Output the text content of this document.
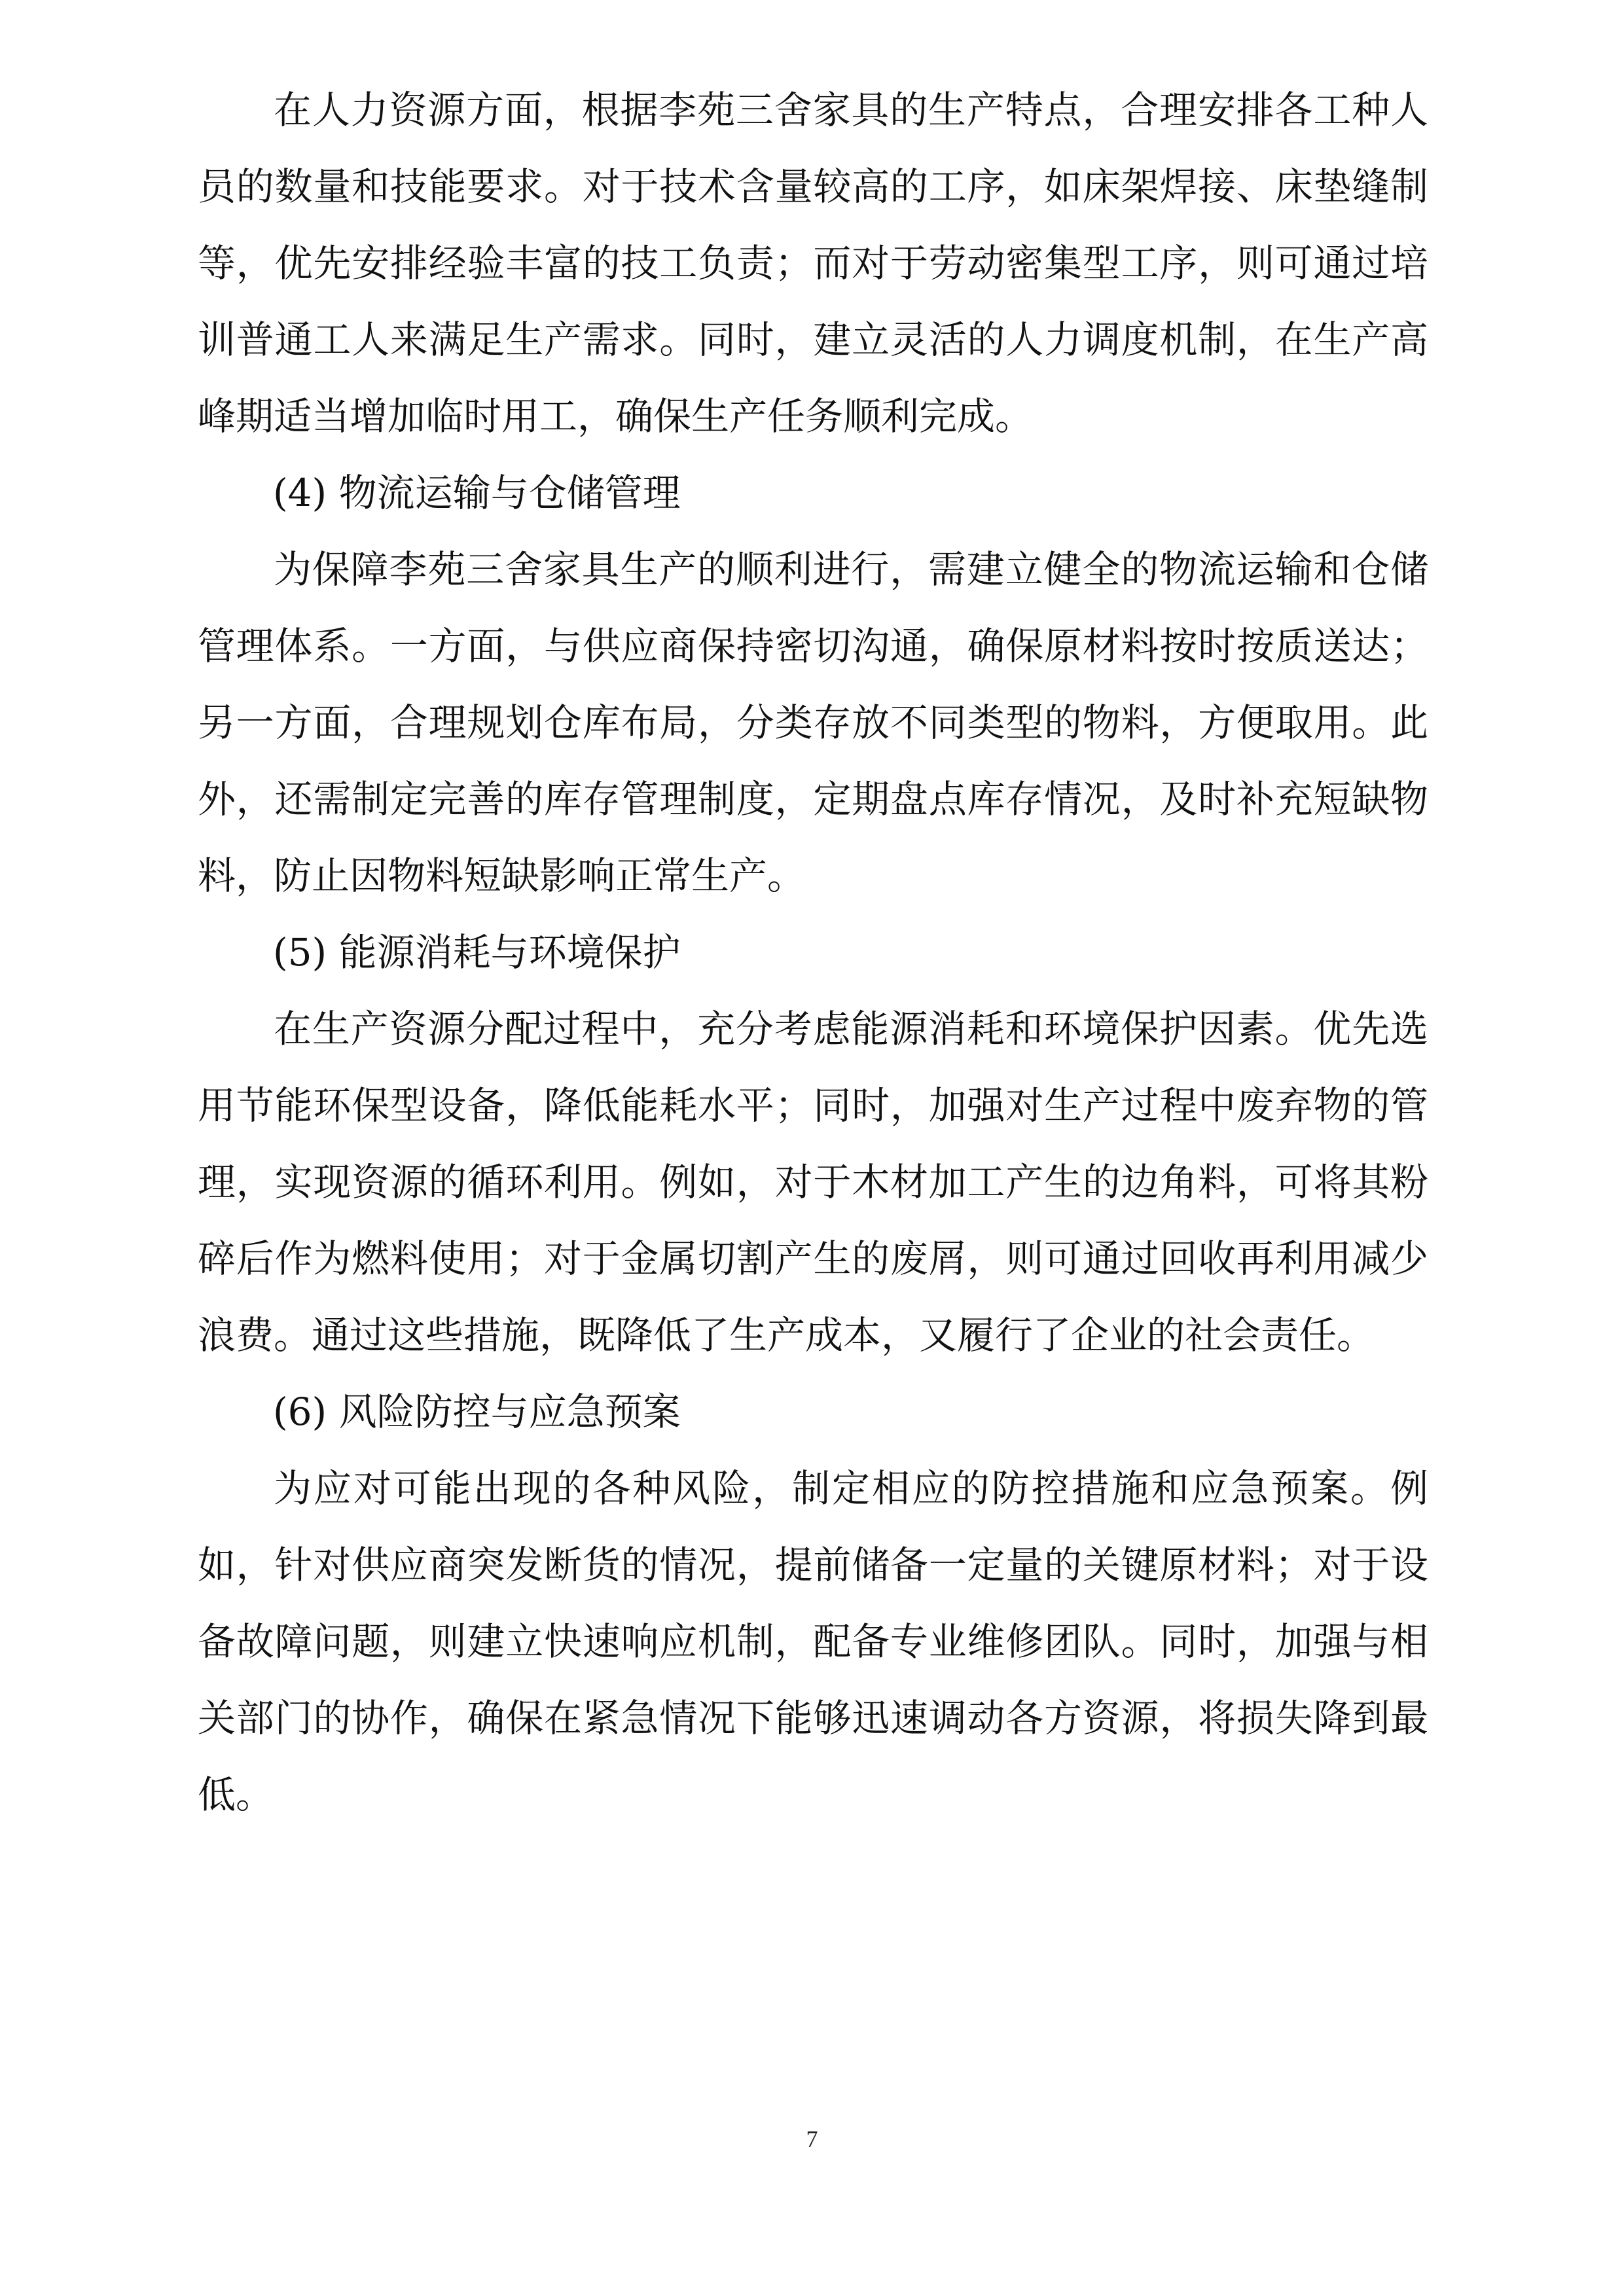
在人力资源方面，根据李苑三舍家具的生产特点，合理安排各工种人员的数量和技能要求。对于技术含量较高的工序，如床架焊接、床垫缝制等，优先安排经验丰富的技工负责；而对于劳动密集型工序，则可通过培训普通工人来满足生产需求。同时，建立灵活的人力调度机制，在生产高峰期适当增加临时用工，确保生产任务顺利完成。

(4) 物流运输与仓储管理

为保障李苑三舍家具生产的顺利进行，需建立健全的物流运输和仓储管理体系。一方面，与供应商保持密切沟通，确保原材料按时按质送达；另一方面，合理规划仓库布局，分类存放不同类型的物料，方便取用。此外，还需制定完善的库存管理制度，定期盘点库存情况，及时补充短缺物料，防止因物料短缺影响正常生产。

(5) 能源消耗与环境保护

在生产资源分配过程中，充分考虑能源消耗和环境保护因素。优先选用节能环保型设备，降低能耗水平；同时，加强对生产过程中废弃物的管理，实现资源的循环利用。例如，对于木材加工产生的边角料，可将其粉碎后作为燃料使用；对于金属切割产生的废屑，则可通过回收再利用减少浪费。通过这些措施，既降低了生产成本，又履行了企业的社会责任。

(6) 风险防控与应急预案

为应对可能出现的各种风险，制定相应的防控措施和应急预案。例如，针对供应商突发断货的情况，提前储备一定量的关键原材料；对于设备故障问题，则建立快速响应机制，配备专业维修团队。同时，加强与相关部门的协作，确保在紧急情况下能够迅速调动各方资源，将损失降到最低。

7
